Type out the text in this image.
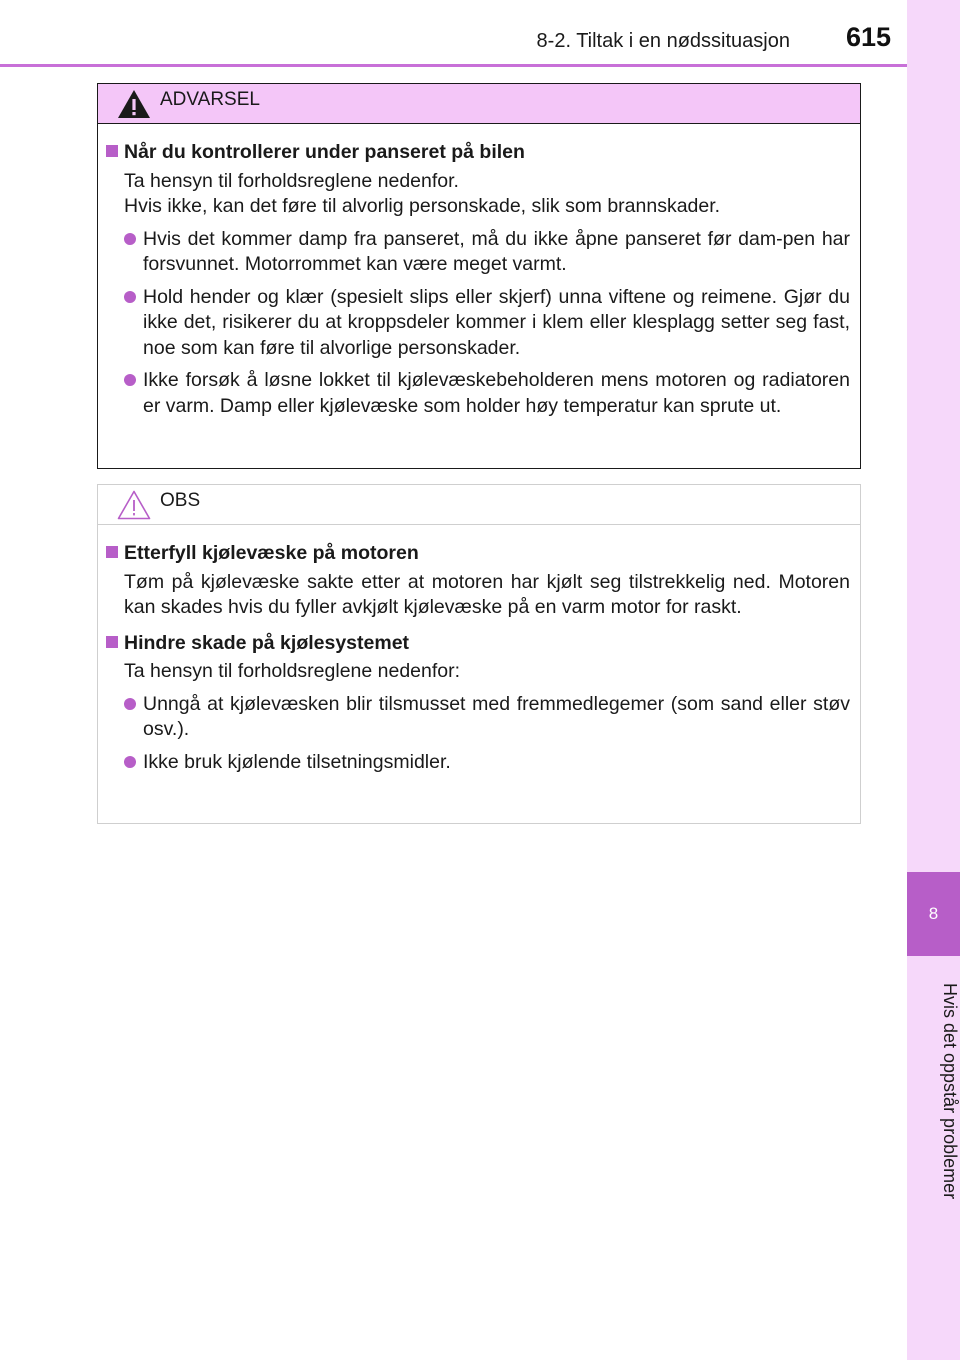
8-2. Tiltak i en nødssituasjon 615
8
Hvis det oppstår problemer
ADVARSEL
Når du kontrollerer under panseret på bilen
Ta hensyn til forholdsreglene nedenfor.
Hvis ikke, kan det føre til alvorlig personskade, slik som brannskader.
Hvis det kommer damp fra panseret, må du ikke åpne panseret før dam-pen har forsvunnet. Motorrommet kan være meget varmt.
Hold hender og klær (spesielt slips eller skjerf) unna viftene og reimene. Gjør du ikke det, risikerer du at kroppsdeler kommer i klem eller klesplagg setter seg fast, noe som kan føre til alvorlige personskader.
Ikke forsøk å løsne lokket til kjølevæskebeholderen mens motoren og radiatoren er varm. Damp eller kjølevæske som holder høy temperatur kan sprute ut.
OBS
Etterfyll kjølevæske på motoren
Tøm på kjølevæske sakte etter at motoren har kjølt seg tilstrekkelig ned. Motoren kan skades hvis du fyller avkjølt kjølevæske på en varm motor for raskt.
Hindre skade på kjølesystemet
Ta hensyn til forholdsreglene nedenfor:
Unngå at kjølevæsken blir tilsmusset med fremmedlegemer (som sand eller støv osv.).
Ikke bruk kjølende tilsetningsmidler.
